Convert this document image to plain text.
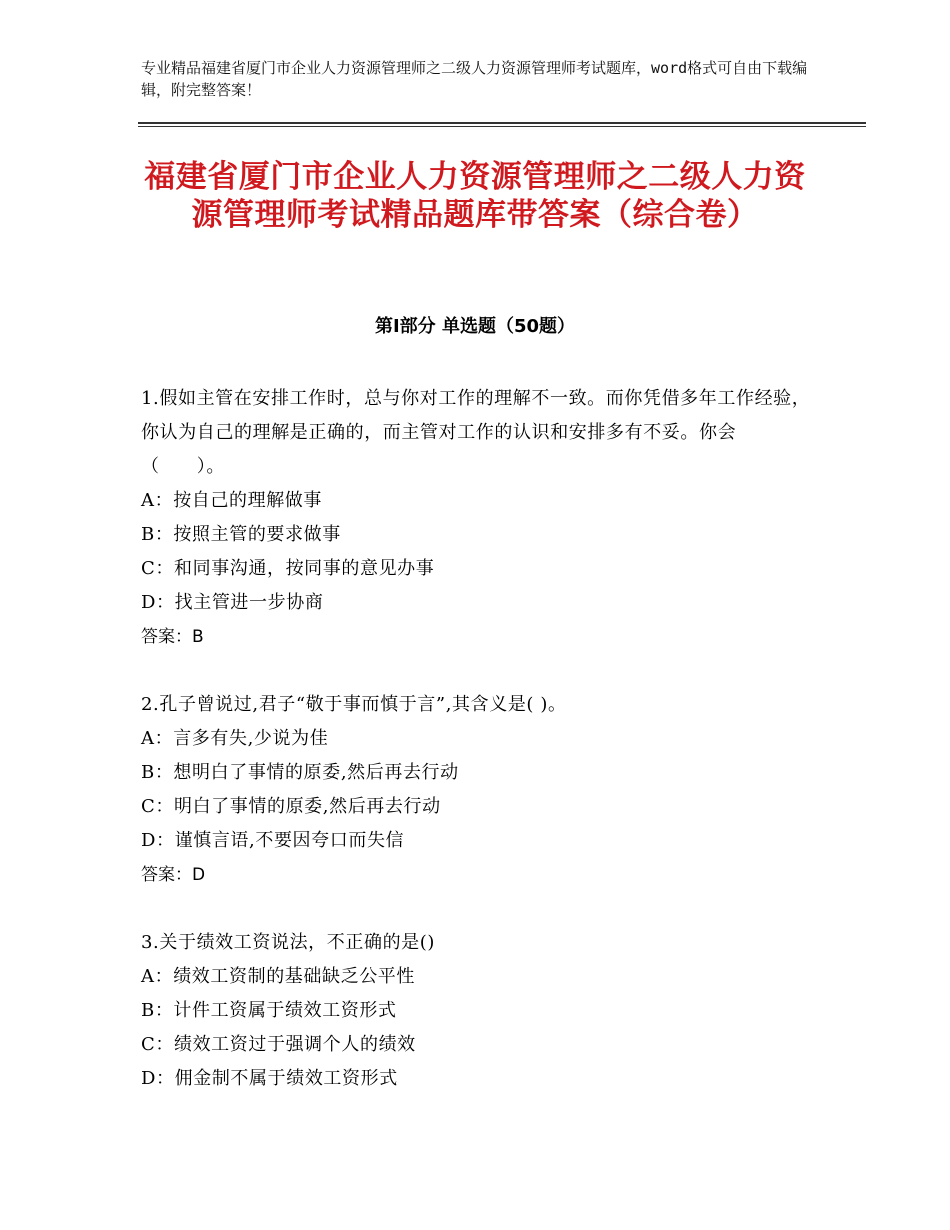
专业精品福建省厦门市企业人力资源管理师之二级人力资源管理师考试题库，word格式可自由下载编辑，附完整答案！
福建省厦门市企业人力资源管理师之二级人力资源管理师考试精品题库带答案（综合卷）
第Ⅰ部分 单选题（50题）
1.假如主管在安排工作时，总与你对工作的理解不一致。而你凭借多年工作经验，你认为自己的理解是正确的，而主管对工作的认识和安排多有不妥。你会（　　）。
A：按自己的理解做事
B：按照主管的要求做事
C：和同事沟通，按同事的意见办事
D：找主管进一步协商
答案：B
2.孔子曾说过,君子“敬于事而慎于言”,其含义是( )。
A：言多有失,少说为佳
B：想明白了事情的原委,然后再去行动
C：明白了事情的原委,然后再去行动
D：谨慎言语,不要因夸口而失信
答案：D
3.关于绩效工资说法，不正确的是()
A：绩效工资制的基础缺乏公平性
B：计件工资属于绩效工资形式
C：绩效工资过于强调个人的绩效
D：佣金制不属于绩效工资形式
